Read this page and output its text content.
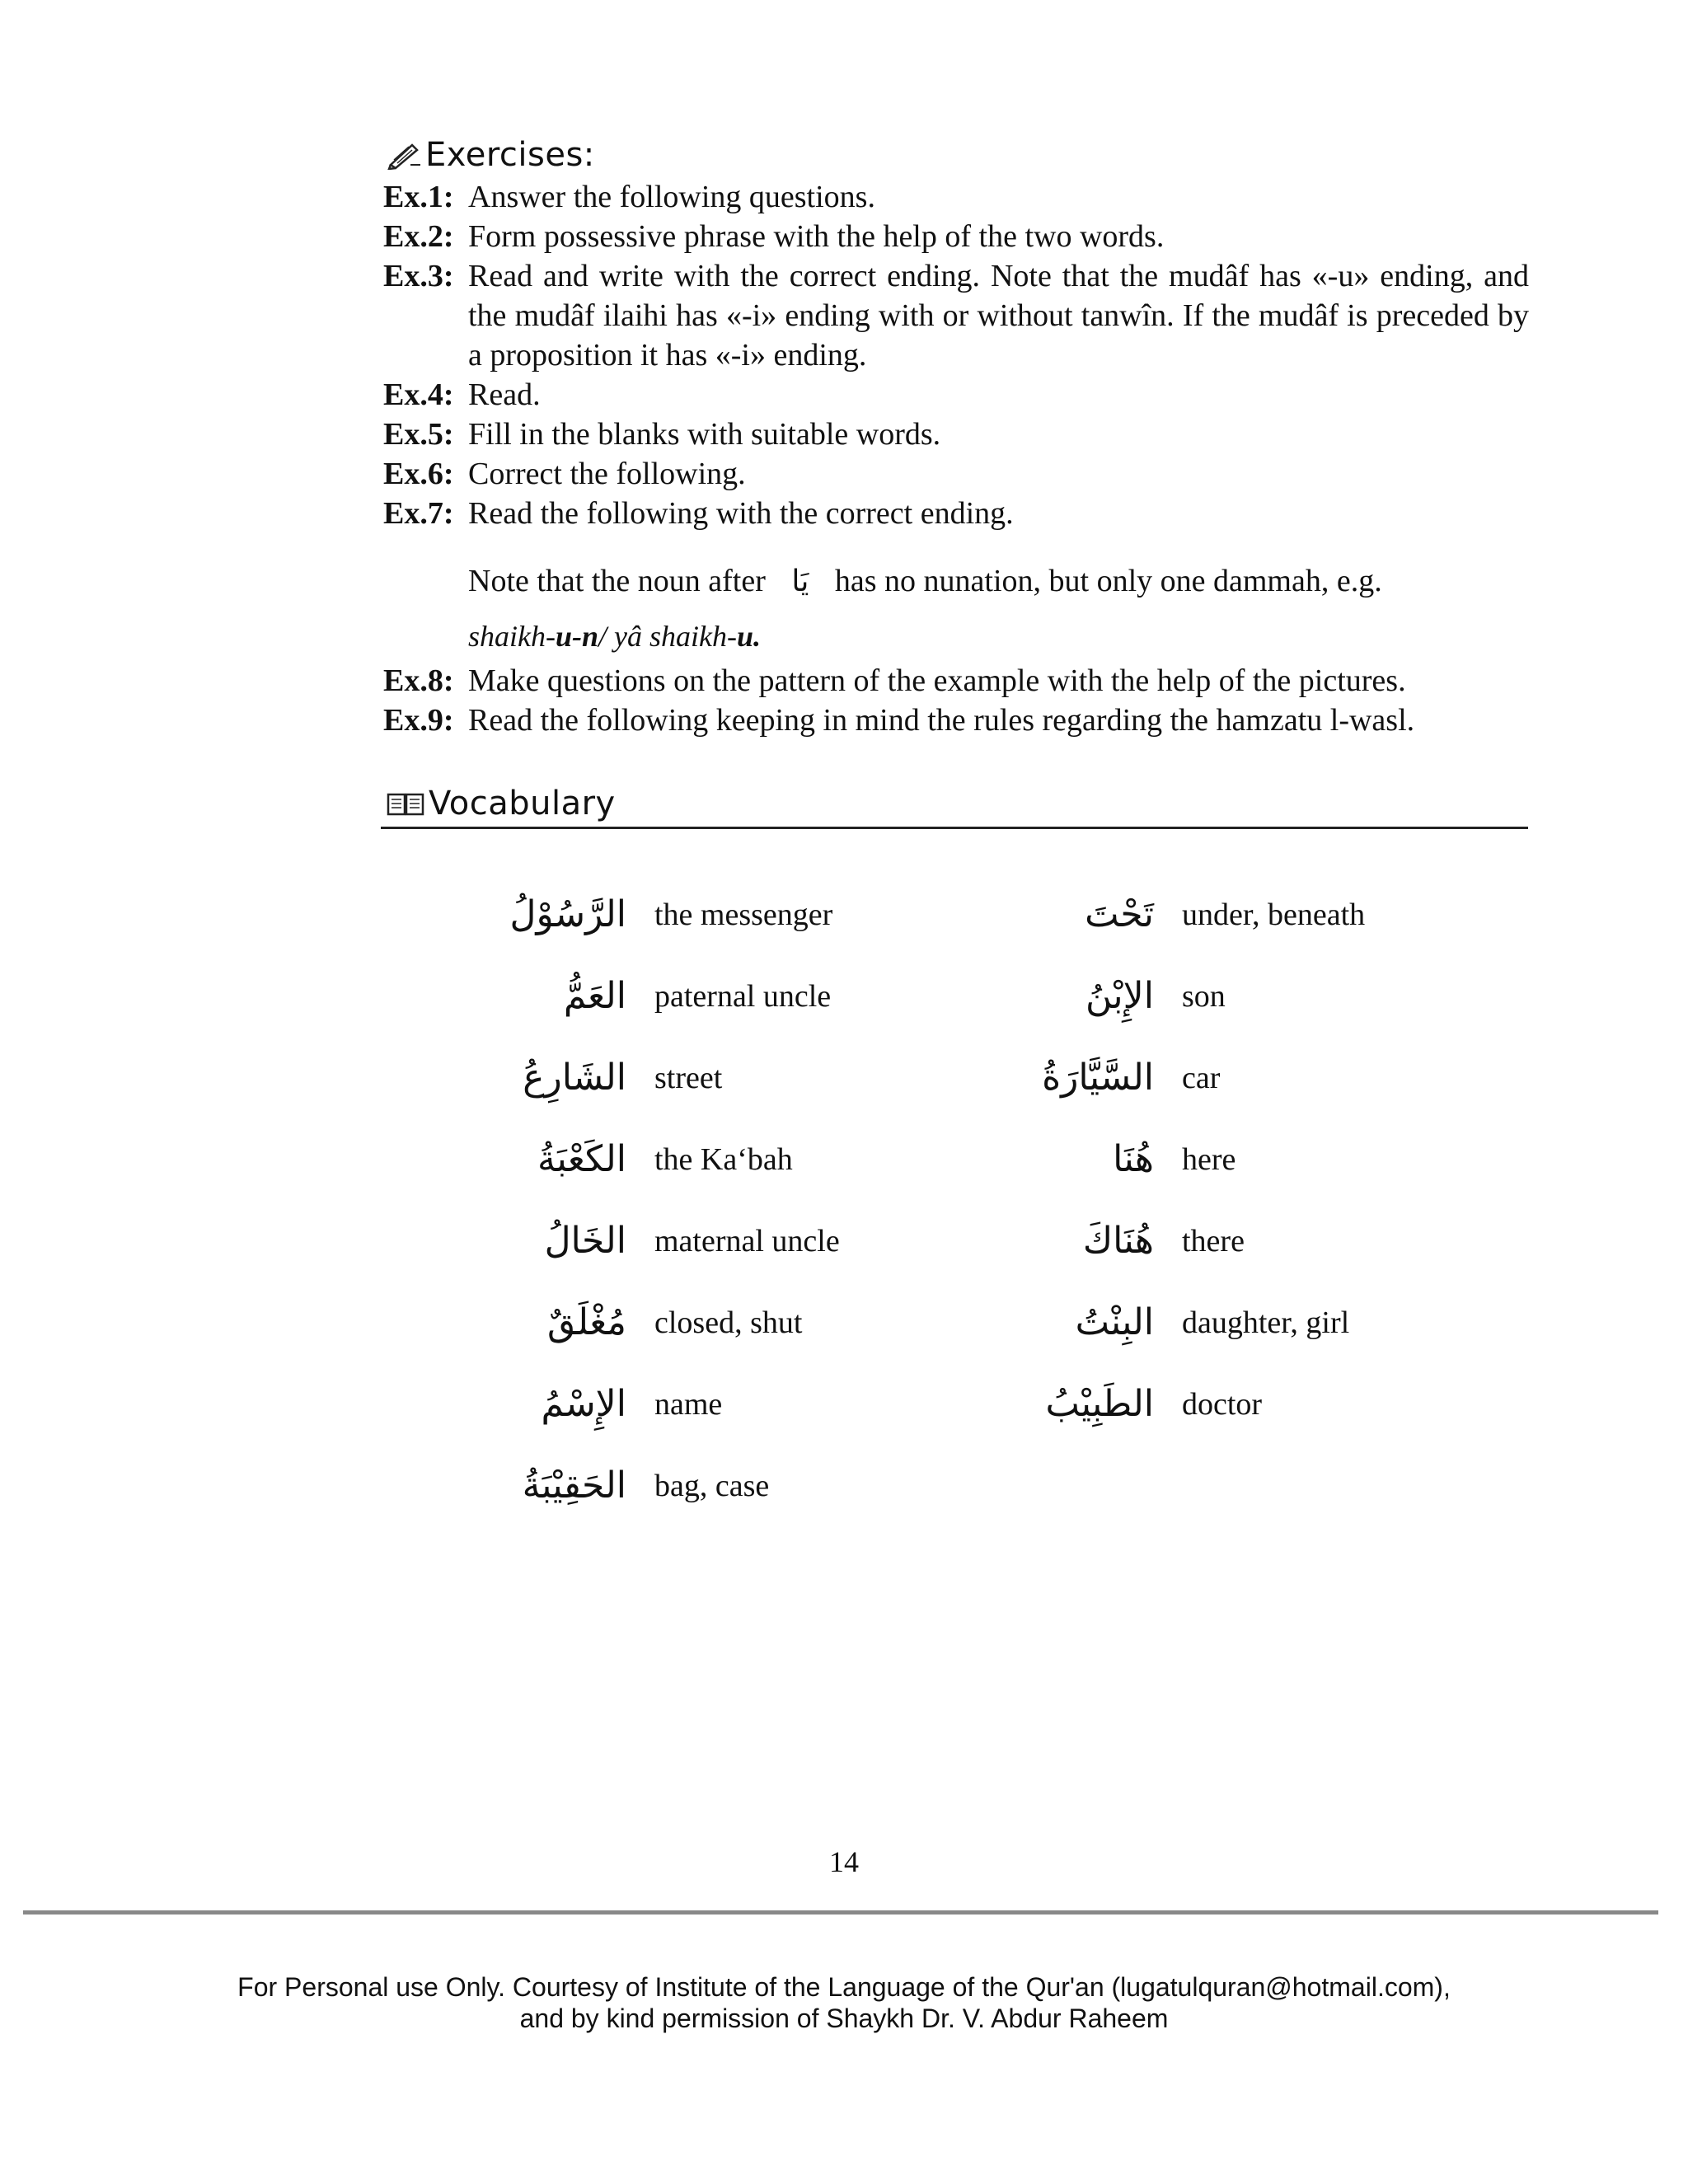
Exercises:
Ex.1: Answer the following questions.
Ex.2: Form possessive phrase with the help of the two words.
Ex.3: Read and write with the correct ending. Note that the mudâf has «-u» ending, and the mudâf ilaihi has «-i» ending with or without tanwîn. If the mudâf is preceded by a proposition it has «-i» ending.
Ex.4: Read.
Ex.5: Fill in the blanks with suitable words.
Ex.6: Correct the following.
Ex.7: Read the following with the correct ending.
Note that the noun after يَا has no nunation, but only one dammah, e.g.
shaikh-u-n/ yâ shaikh-u.
Ex.8: Make questions on the pattern of the example with the help of the pictures.
Ex.9: Read the following keeping in mind the rules regarding the hamzatu l-wasl.
Vocabulary
الرَّسُوْلُ the messenger
العَمُّ paternal uncle
الشَارِعُ street
الكَعْبَةُ the Ka‘bah
الخَالُ maternal uncle
مُغْلَقٌ closed, shut
الإِسْمُ name
الحَقِيْبَةُ bag, case
تَحْتَ under, beneath
الإِبْنُ son
السَّيَّارَةُ car
هُنَا here
هُنَاكَ there
البِنْتُ daughter, girl
الطَبِيْبُ doctor
14
For Personal use Only. Courtesy of Institute of the Language of the Qur'an (lugatulquran@hotmail.com),
and by kind permission of Shaykh Dr. V. Abdur Raheem
